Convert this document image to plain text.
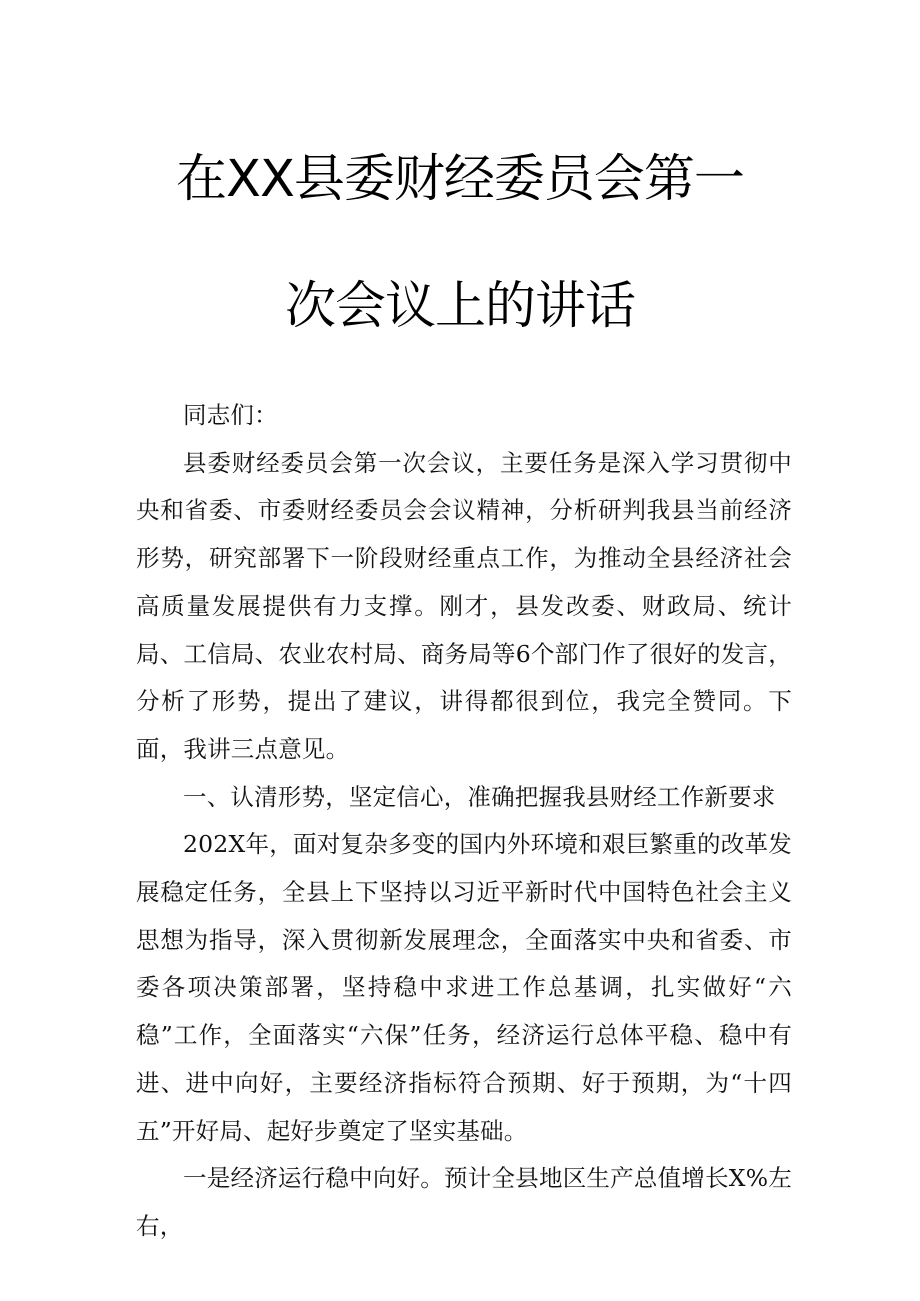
在XX县委财经委员会第一
次会议上的讲话

同志们：

县委财经委员会第一次会议，主要任务是深入学习贯彻中央和省委、市委财经委员会会议精神，分析研判我县当前经济形势，研究部署下一阶段财经重点工作，为推动全县经济社会高质量发展提供有力支撑。刚才，县发改委、财政局、统计局、工信局、农业农村局、商务局等6个部门作了很好的发言，分析了形势，提出了建议，讲得都很到位，我完全赞同。下面，我讲三点意见。

一、认清形势，坚定信心，准确把握我县财经工作新要求

202X年，面对复杂多变的国内外环境和艰巨繁重的改革发展稳定任务，全县上下坚持以习近平新时代中国特色社会主义思想为指导，深入贯彻新发展理念，全面落实中央和省委、市委各项决策部署，坚持稳中求进工作总基调，扎实做好“六稳”工作，全面落实“六保”任务，经济运行总体平稳、稳中有进、进中向好，主要经济指标符合预期、好于预期，为“十四五”开好局、起好步奠定了坚实基础。

一是经济运行稳中向好。预计全县地区生产总值增长X%左右，
